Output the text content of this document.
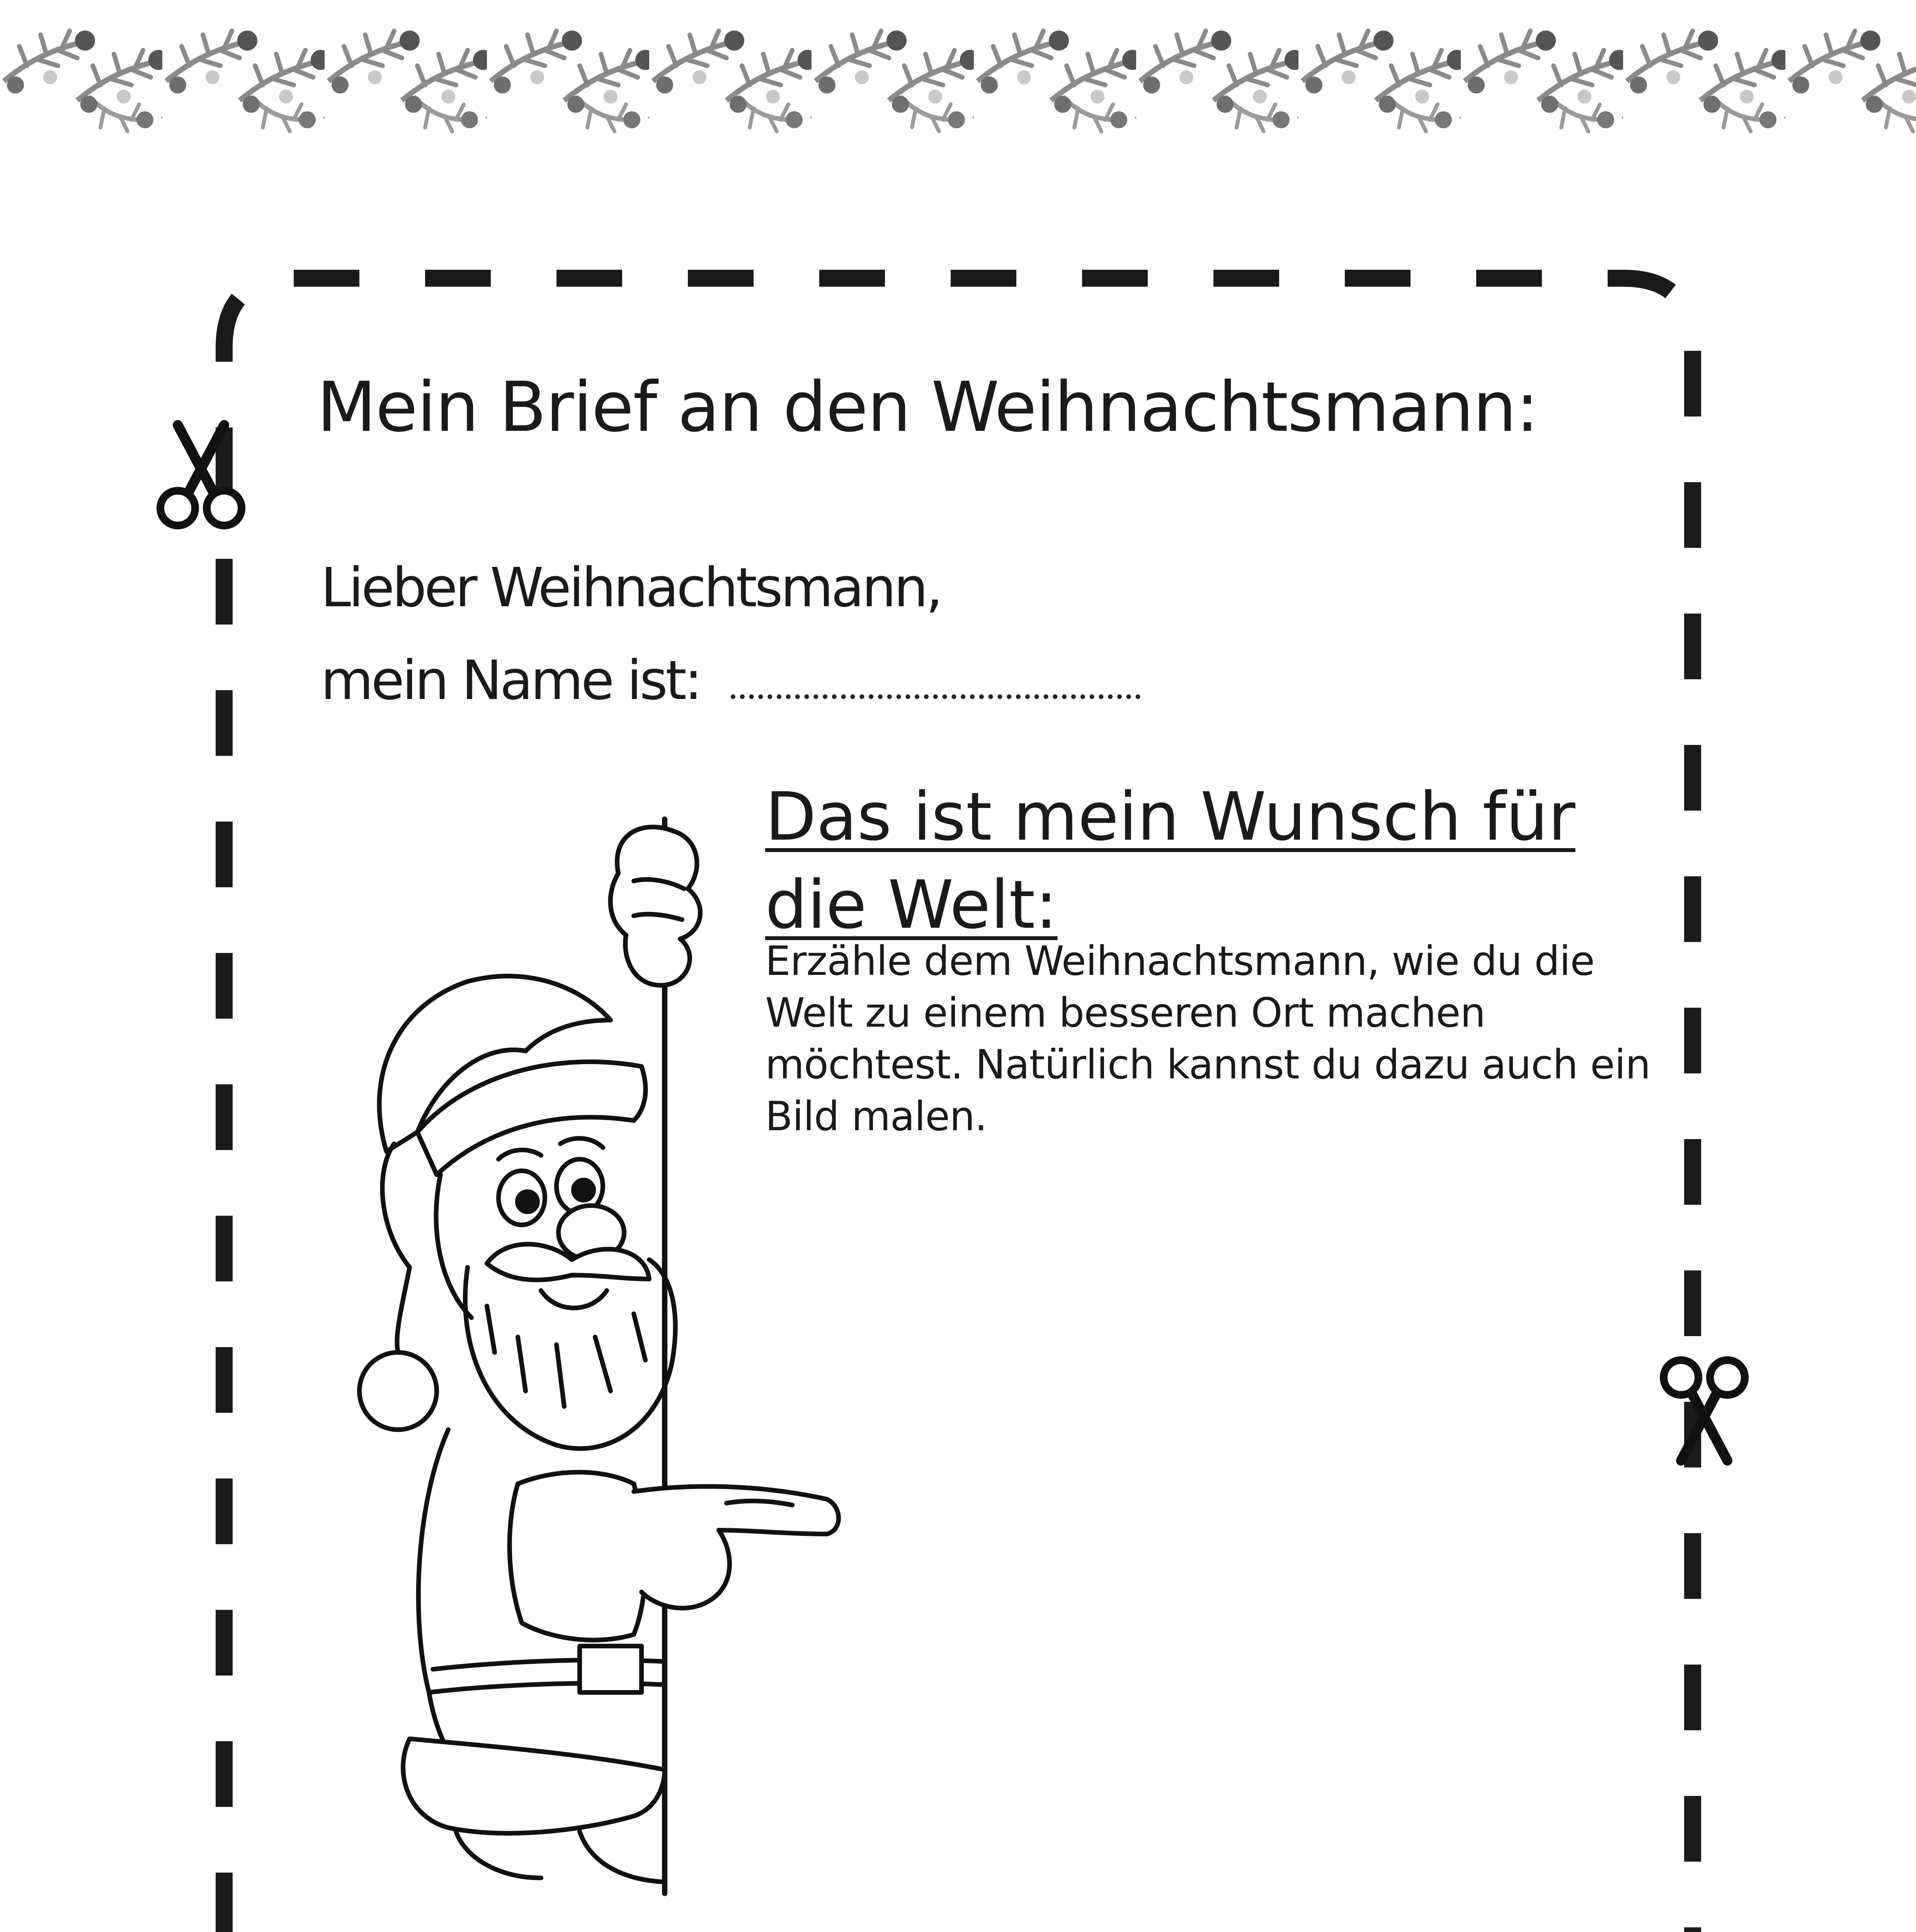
Mein Brief an den Weihnachtsmann:
Lieber Weihnachtsmann,
mein Name ist:
Das ist mein Wunsch für die Welt:

Erzähle dem Weihnachtsmann, wie du die Welt zu einem besseren Ort machen möchtest. Natürlich kannst du dazu auch ein Bild malen.
